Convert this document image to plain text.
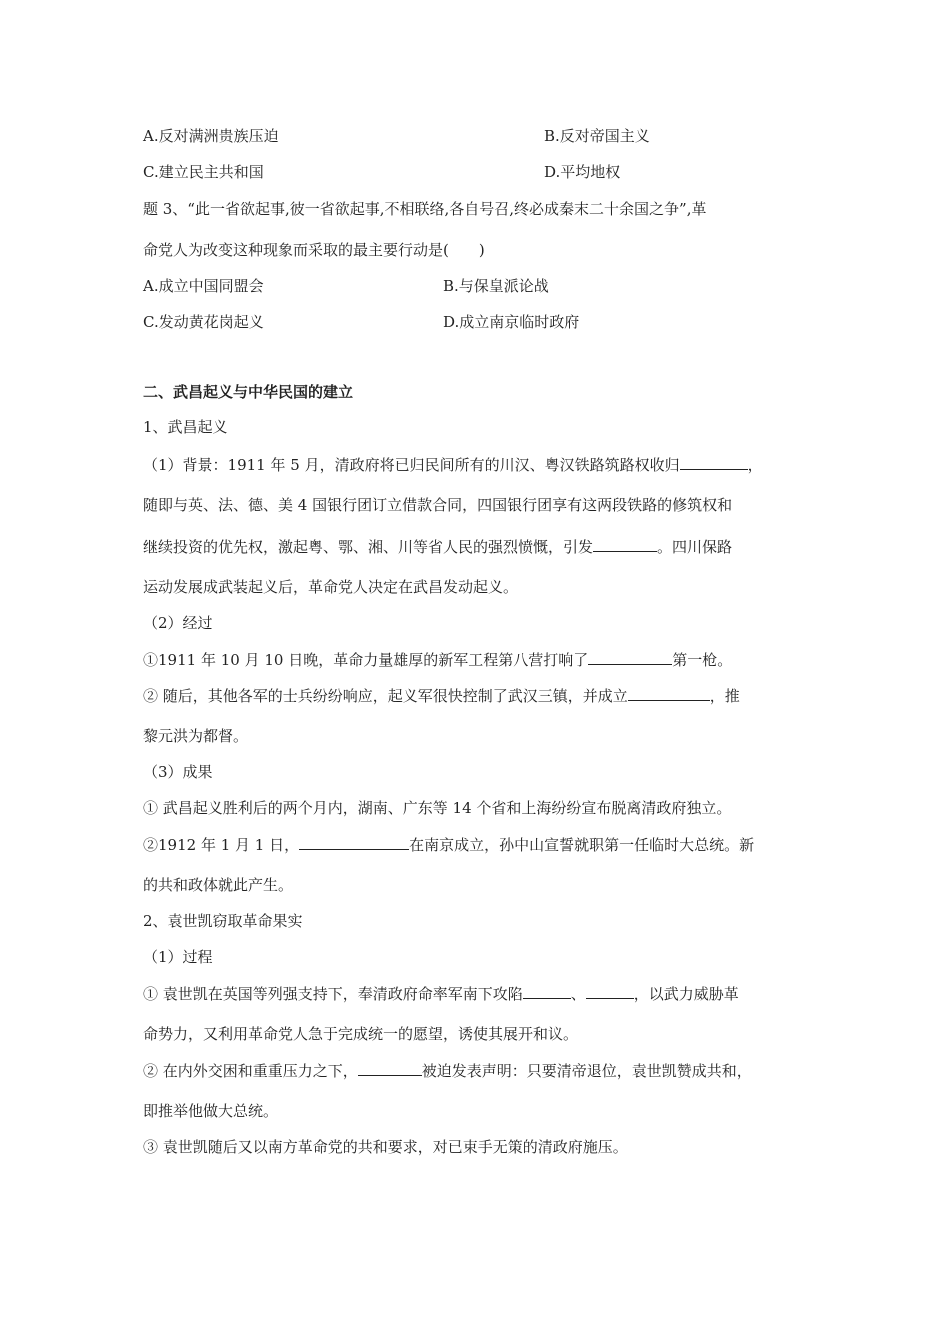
A.反对满洲贵族压迫	B.反对帝国主义
C.建立民主共和国	D.平均地权
题 3、“此一省欲起事,彼一省欲起事,不相联络,各自号召,终必成秦末二十余国之争”,革
命党人为改变这种现象而采取的最主要行动是(　　)
A.成立中国同盟会	B.与保皇派论战
C.发动黄花岗起义	D.成立南京临时政府
二、武昌起义与中华民国的建立
1、武昌起义
（1）背景：1911 年 5 月，清政府将已归民间所有的川汉、粤汉铁路筑路权收归	，
随即与英、法、德、美 4 国银行团订立借款合同，四国银行团享有这两段铁路的修筑权和
继续投资的优先权，激起粤、鄂、湘、川等省人民的强烈愤慨，引发	。四川保路
运动发展成武装起义后，革命党人决定在武昌发动起义。
（2）经过
①1911 年 10 月 10 日晚，革命力量雄厚的新军工程第八营打响了	第一枪。
② 随后，其他各军的士兵纷纷响应，起义军很快控制了武汉三镇，并成立	，推
黎元洪为都督。
（3）成果
① 武昌起义胜利后的两个月内，湖南、广东等 14 个省和上海纷纷宣布脱离清政府独立。
②1912 年 1 月 1 日，	在南京成立，孙中山宣誓就职第一任临时大总统。新
的共和政体就此产生。
2、袁世凯窃取革命果实
（1）过程
① 袁世凯在英国等列强支持下，奉清政府命率军南下攻陷	、	，以武力威胁革
命势力，又利用革命党人急于完成统一的愿望，诱使其展开和议。
② 在内外交困和重重压力之下，	被迫发表声明：只要清帝退位，袁世凯赞成共和，
即推举他做大总统。
③ 袁世凯随后又以南方革命党的共和要求，对已束手无策的清政府施压。
